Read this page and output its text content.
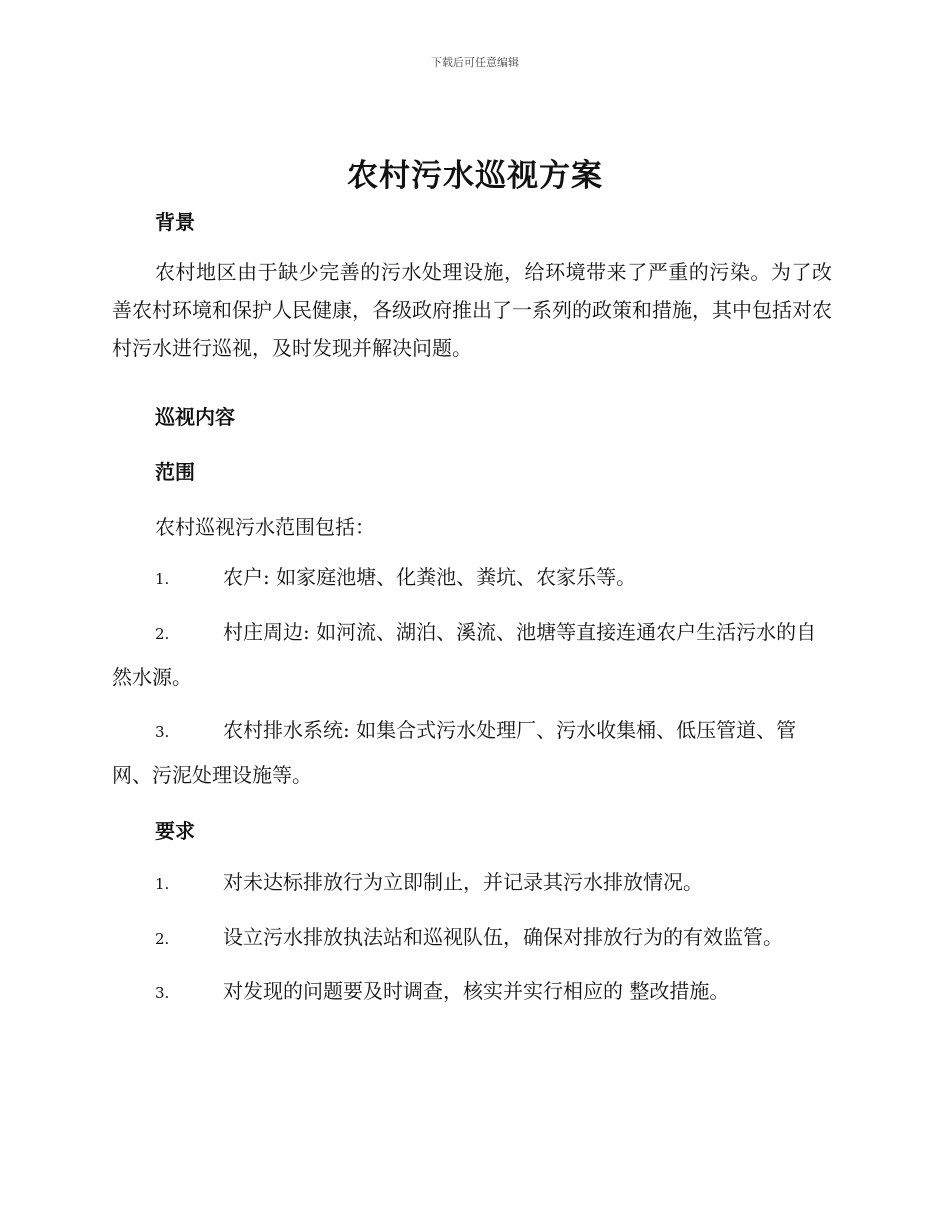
下载后可任意编辑
农村污水巡视方案
背景

农村地区由于缺少完善的污水处理设施，给环境带来了严重的污染。为了改善农村环境和保护人民健康，各级政府推出了一系列的政策和措施，其中包括对农村污水进行巡视，及时发现并解决问题。

巡视内容
范围

农村巡视污水范围包括：

1.	农户: 如家庭池塘、化粪池、粪坑、农家乐等。

2.	村庄周边: 如河流、湖泊、溪流、池塘等直接连通农户生活污水的自然水源。

3.	农村排水系统: 如集合式污水处理厂、污水收集桶、低压管道、管网、污泥处理设施等。

要求

1.	对未达标排放行为立即制止，并记录其污水排放情况。

2.	设立污水排放执法站和巡视队伍，确保对排放行为的有效监管。

3.	对发现的问题要及时调查，核实并实行相应的 整改措施。
